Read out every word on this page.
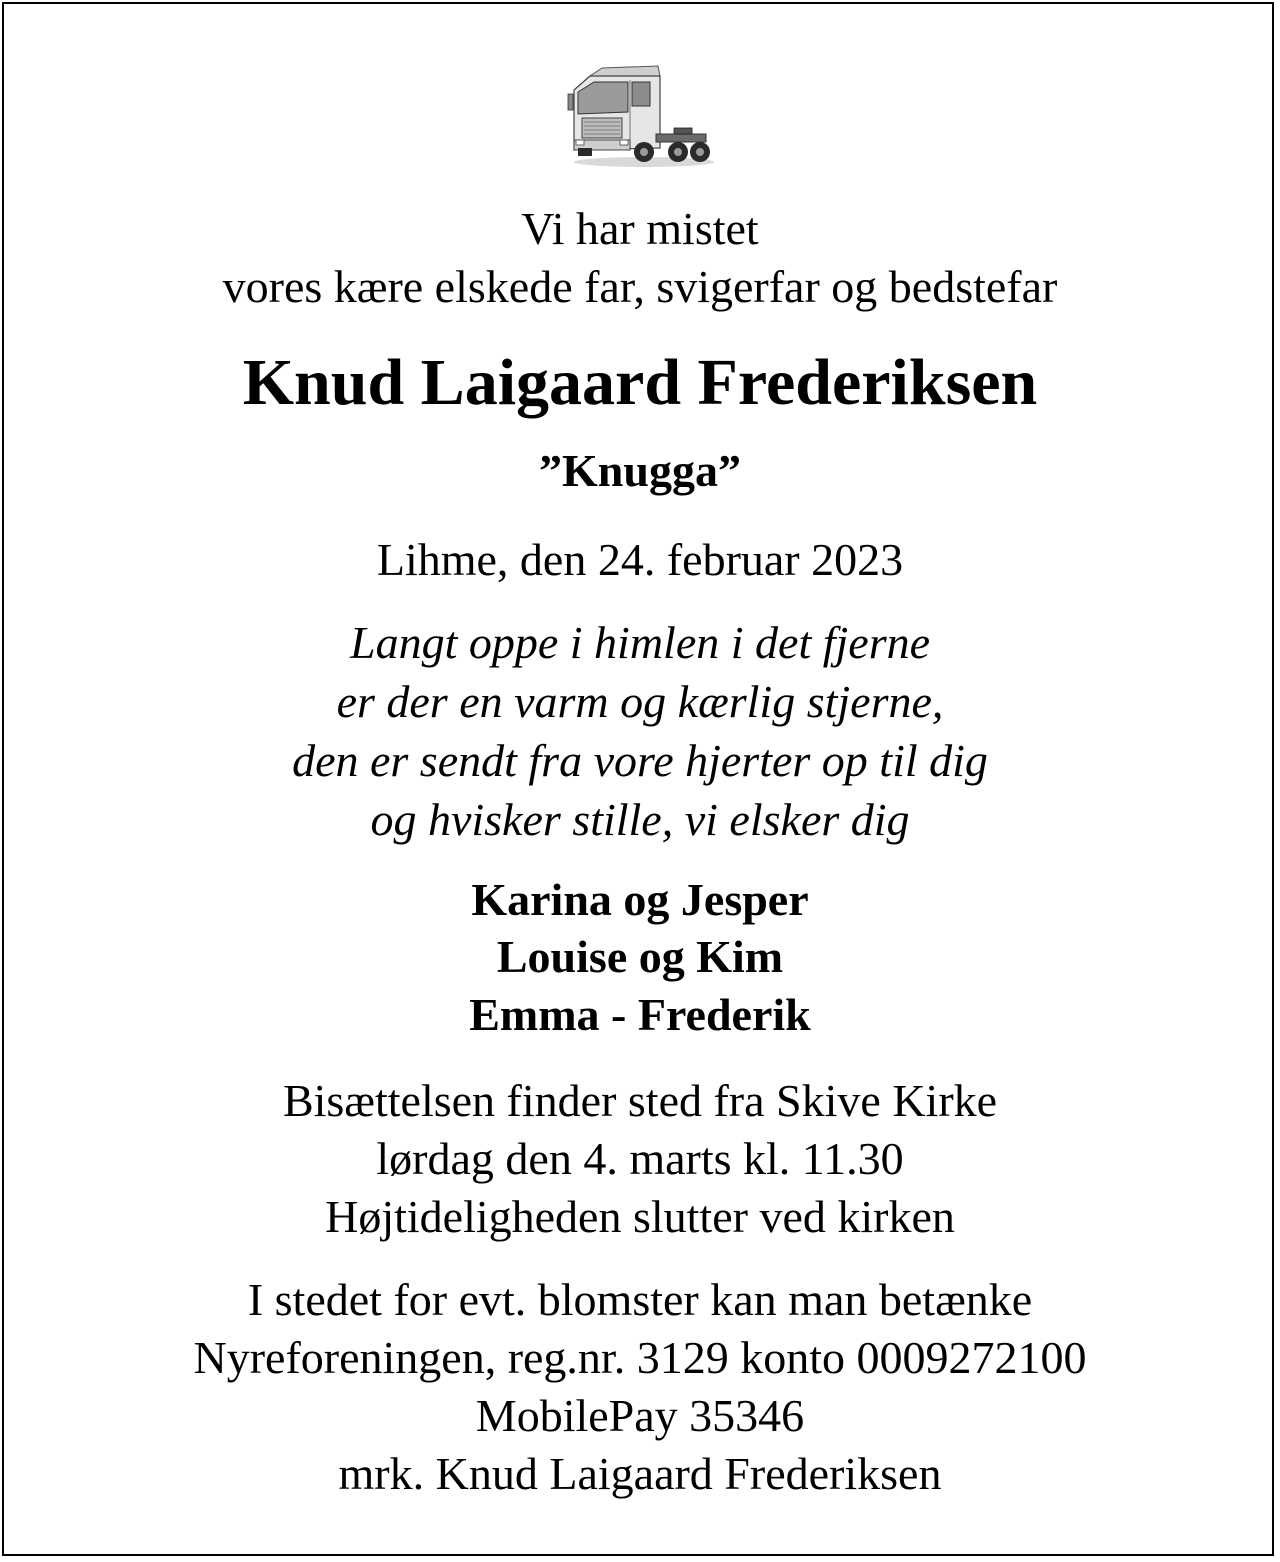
Vi har mistet
vores kære elskede far, svigerfar og bedstefar
Knud Laigaard Frederiksen
”Knugga”
Lihme, den 24. februar 2023
Langt oppe i himlen i det fjerne
er der en varm og kærlig stjerne,
den er sendt fra vore hjerter op til dig
og hvisker stille, vi elsker dig
Karina og Jesper
Louise og Kim
Emma - Frederik
Bisættelsen finder sted fra Skive Kirke
lørdag den 4. marts kl. 11.30
Højtideligheden slutter ved kirken
I stedet for evt. blomster kan man betænke
Nyreforeningen, reg.nr. 3129 konto 0009272100
MobilePay 35346
mrk. Knud Laigaard Frederiksen
